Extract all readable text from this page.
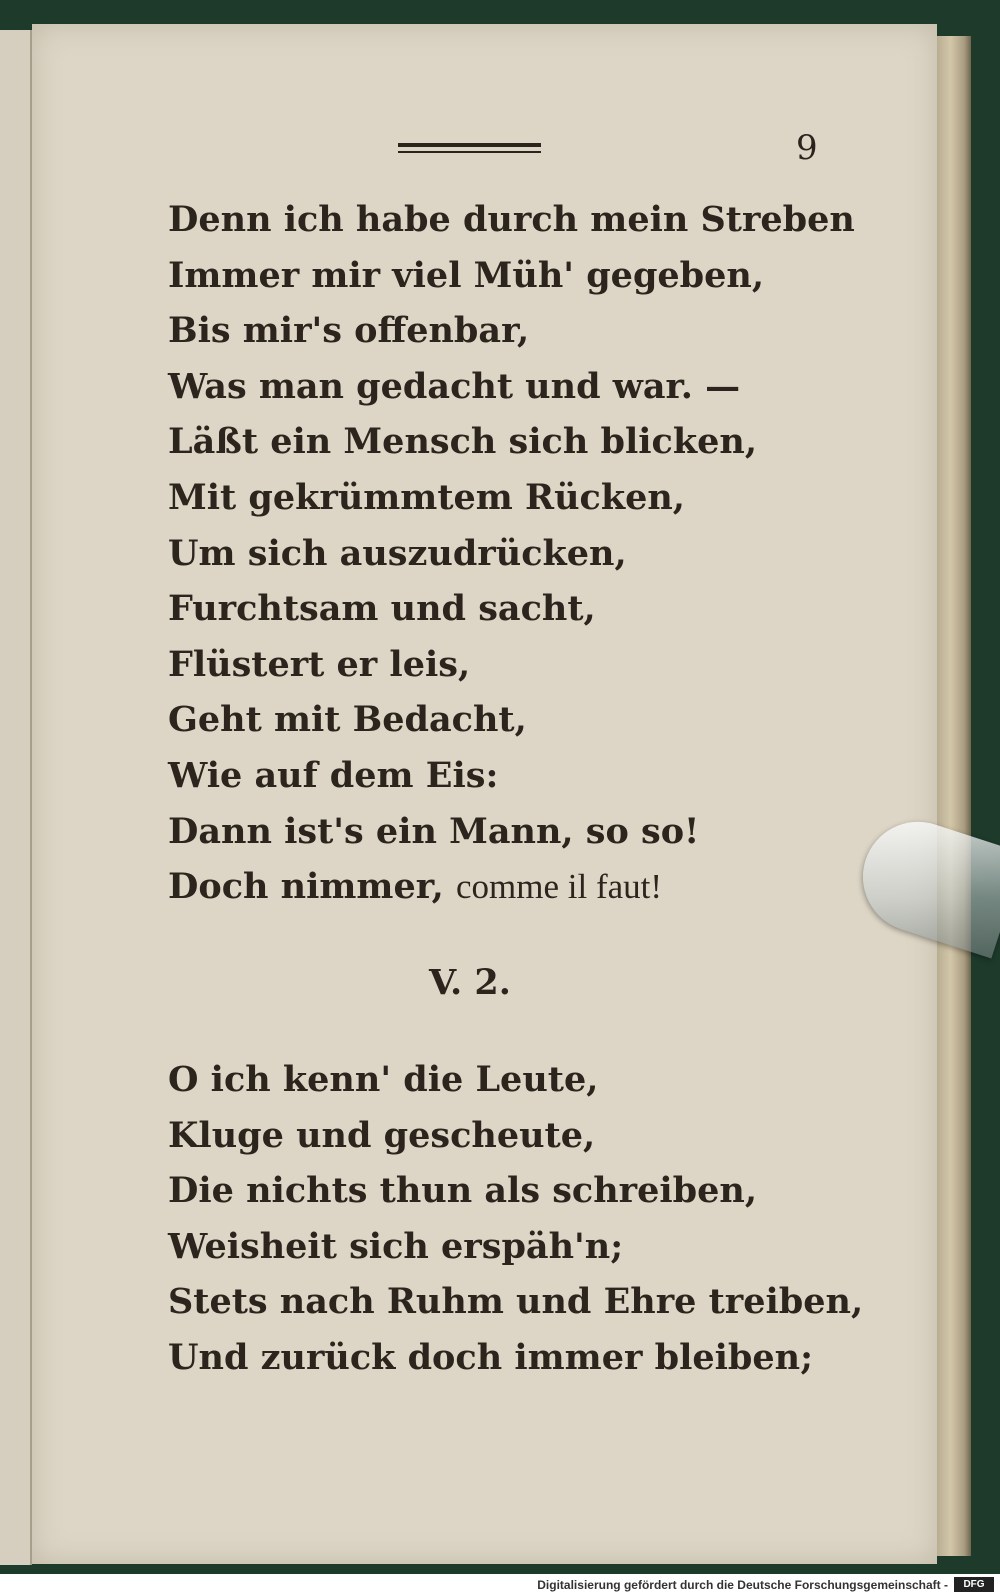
9
Denn ich habe durch mein Streben
Immer mir viel Müh' gegeben,
Bis mir's offenbar,
Was man gedacht und war. —
Läßt ein Mensch sich blicken,
Mit gekrümmtem Rücken,
Um sich auszudrücken,
Furchtsam und sacht,
Flüstert er leis,
Geht mit Bedacht,
Wie auf dem Eis:
Dann ist's ein Mann, so so!
Doch nimmer, comme il faut!
V. 2.
O ich kenn' die Leute,
Kluge und gescheute,
Die nichts thun als schreiben,
Weisheit sich erspäh'n;
Stets nach Ruhm und Ehre treiben,
Und zurück doch immer bleiben;
Digitalisierung gefördert durch die Deutsche Forschungsgemeinschaft -	DFG
